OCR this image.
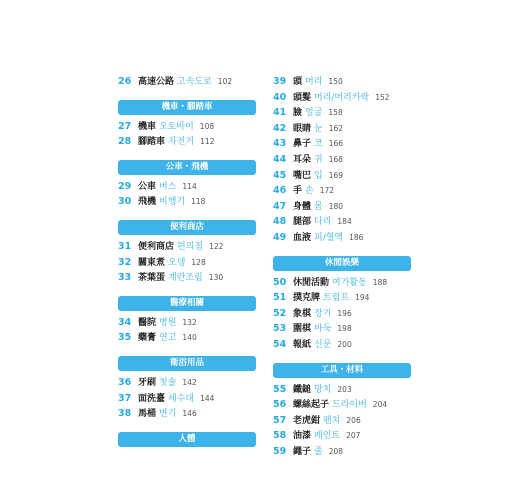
26 高速公路 고속도로 102
機車・腳踏車
27 機車 오토바이 108
28 腳踏車 자전거 112
公車・飛機
29 公車 버스 114
30 飛機 비행기 118
便利商店
31 便利商店 편의점 122
32 關東煮 오뎅 128
33 茶葉蛋 계란조림 130
醫療相關
34 醫院 병원 132
35 藥膏 연고 140
衛浴用品
36 牙刷 칫솔 142
37 面洗臺 세수대 144
38 馬桶 변기 146
人體
39 頭 머리 150
40 頭髮 머리/머리카락 152
41 臉 얼굴 158
42 眼睛 눈 162
43 鼻子 코 166
44 耳朵 귀 168
45 嘴巴 입 169
46 手 손 172
47 身體 몸 180
48 腿部 다리 184
49 血液 피/혈액 186
休閒娛樂
50 休閒活動 여가활동 188
51 撲克牌 트럼프 194
52 象棋 장기 196
53 圍棋 바둑 198
54 報紙 신문 200
工具・材料
55 鐵鎚 망치 203
56 螺絲起子 드라이버 204
57 老虎鉗 펜치 206
58 油漆 페인트 207
59 繩子 줄 208
